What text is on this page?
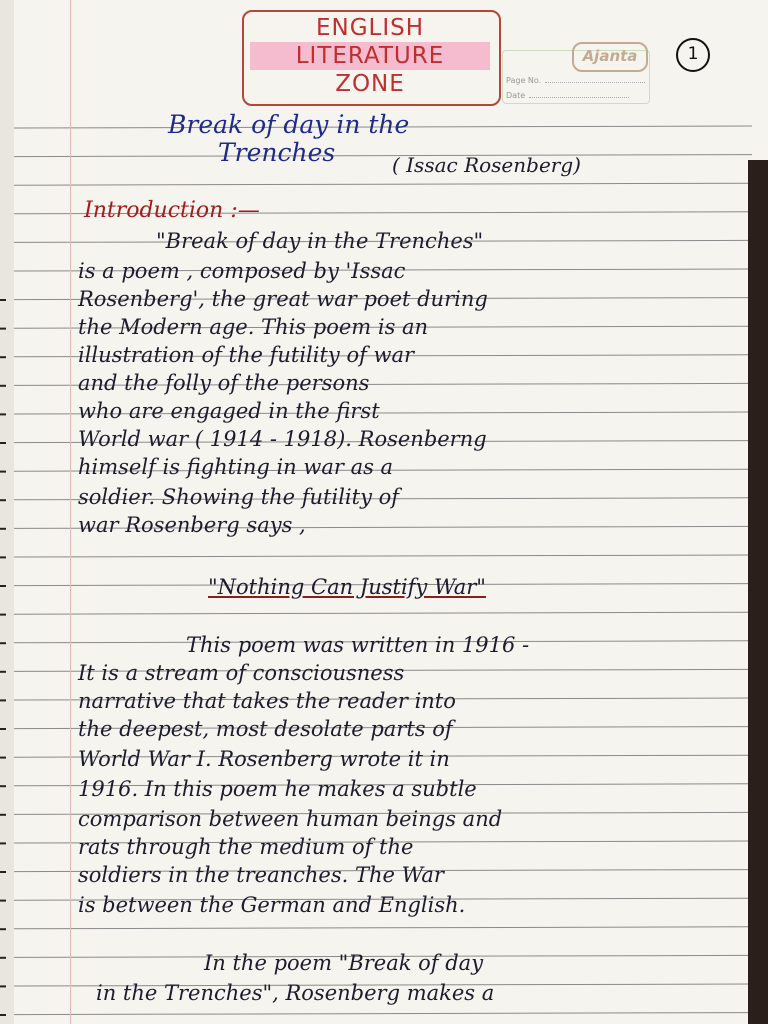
ENGLISH
LITERATURE
ZONE
Ajanta	1
Page No.
Date
Break of day in the
Trenches	( Issac Rosenberg)
Introduction :—
"Break of day in the Trenches"
is a poem , composed by 'Issac
Rosenberg', the great war poet during
the Modern age. This poem is an
illustration of the futility of war
and the folly of the persons
who are engaged in the first
World war ( 1914 - 1918). Rosenberng
himself is fighting in war as a
soldier. Showing the futility of
war Rosenberg says ,
"Nothing Can Justify War"
This poem was written in 1916 -
It is a stream of consciousness
narrative that takes the reader into
the deepest, most desolate parts of
World War I. Rosenberg wrote it in
1916. In this poem he makes a subtle
comparison between human beings and
rats through the medium of the
soldiers in the treanches. The War
is between the German and English.
In the poem "Break of day
in the Trenches", Rosenberg makes a
